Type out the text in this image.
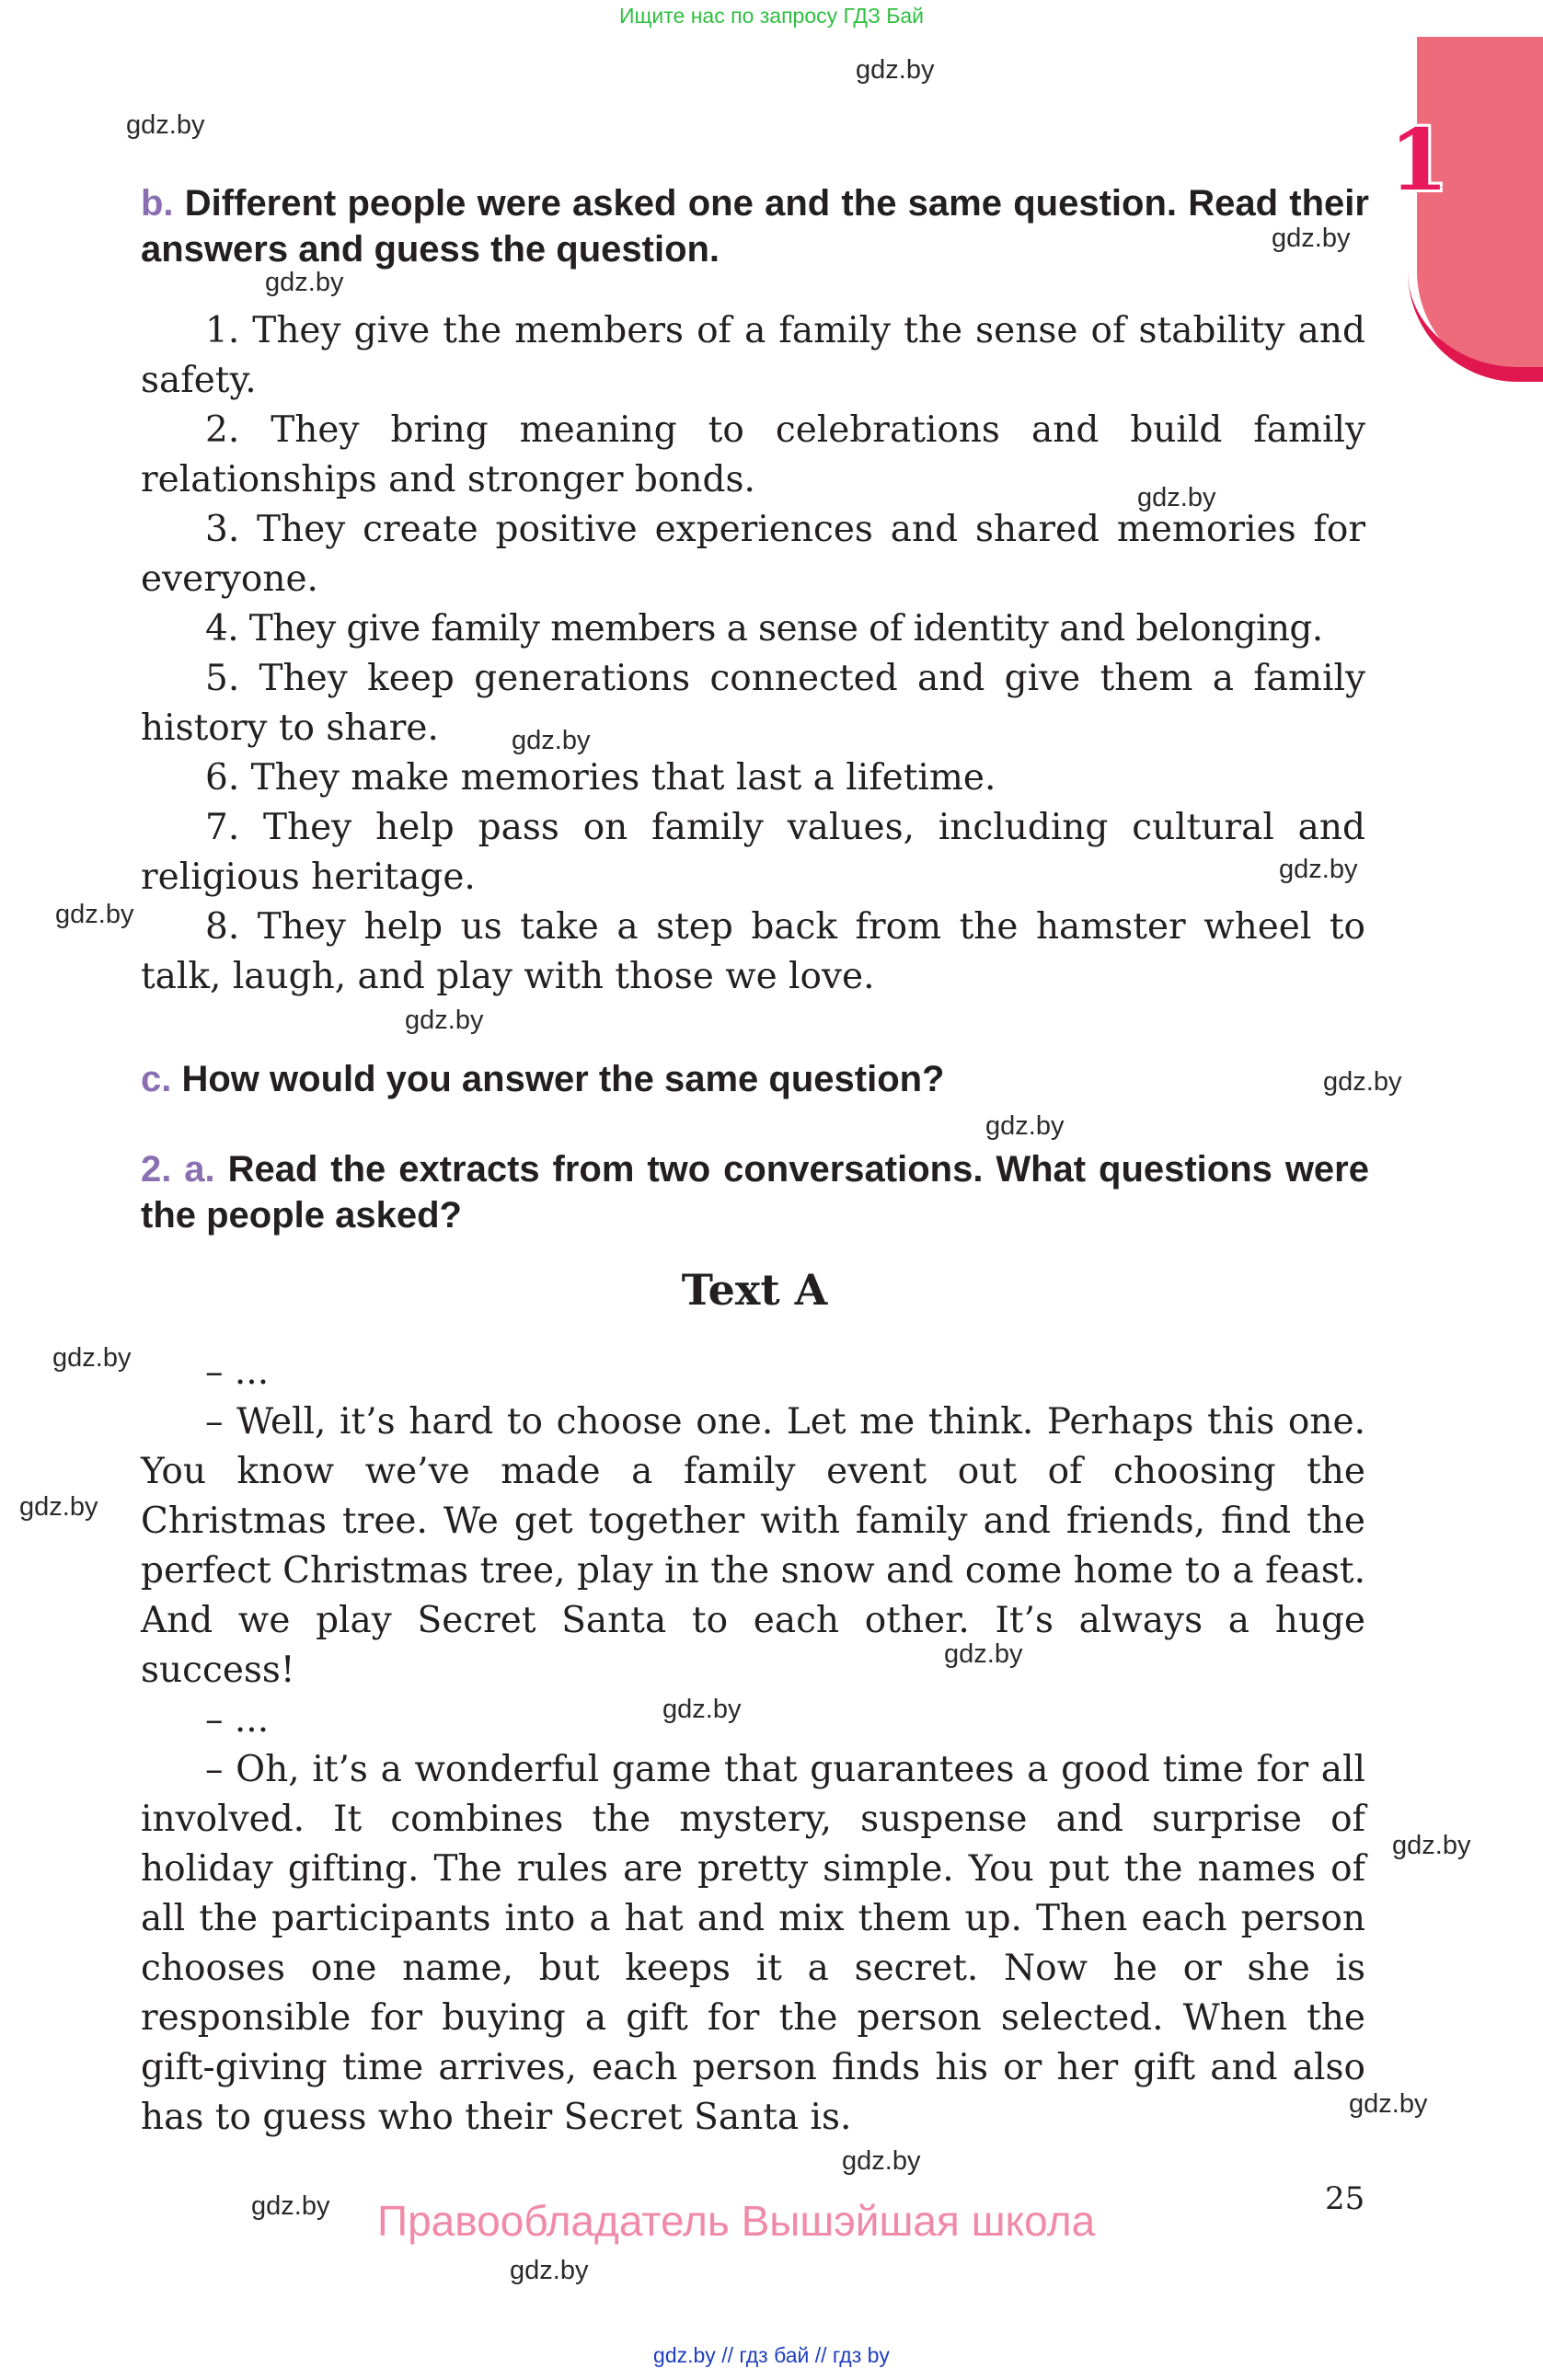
Ищите нас по запросу ГДЗ Бай
1
gdz.by
gdz.by
gdz.by
gdz.by
gdz.by
gdz.by
gdz.by
gdz.by
gdz.by
gdz.by
gdz.by
gdz.by
gdz.by
gdz.by
gdz.by
gdz.by
gdz.by
gdz.by
gdz.by
gdz.by
b. Different people were asked one and the same question. Read their answers and guess the question.

1. They give the members of a family the sense of stability and safety.

2. They bring meaning to celebrations and build family relationships and stronger bonds.

3. They create positive experiences and shared memories for everyone.

4. They give family members a sense of identity and belonging.

5. They keep generations connected and give them a family history to share.

6. They make memories that last a lifetime.

7. They help pass on family values, including cultural and religious heritage.

8. They help us take a step back from the hamster wheel to talk, laugh, and play with those we love.

c. How would you answer the same question?
2. a. Read the extracts from two conversations. What questions were the people asked?
Text A

– ...

– Well, it’s hard to choose one. Let me think. Perhaps this one. You know we’ve made a family event out of choosing the Christmas tree. We get together with family and friends, find the perfect Christmas tree, play in the snow and come home to a feast. And we play Secret Santa to each other. It’s always a huge success!

– ...

– Oh, it’s a wonderful game that guarantees a good time for all involved. It combines the mystery, suspense and surprise of holiday gifting. The rules are pretty simple. You put the names of all the participants into a hat and mix them up. Then each person chooses one name, but keeps it a secret. Now he or she is responsible for buying a gift for the person selected. When the gift-giving time arrives, each person finds his or her gift and also has to guess who their Secret Santa is.

25
Правообладатель Вышэйшая школа
gdz.by // гдз бай // гдз by
